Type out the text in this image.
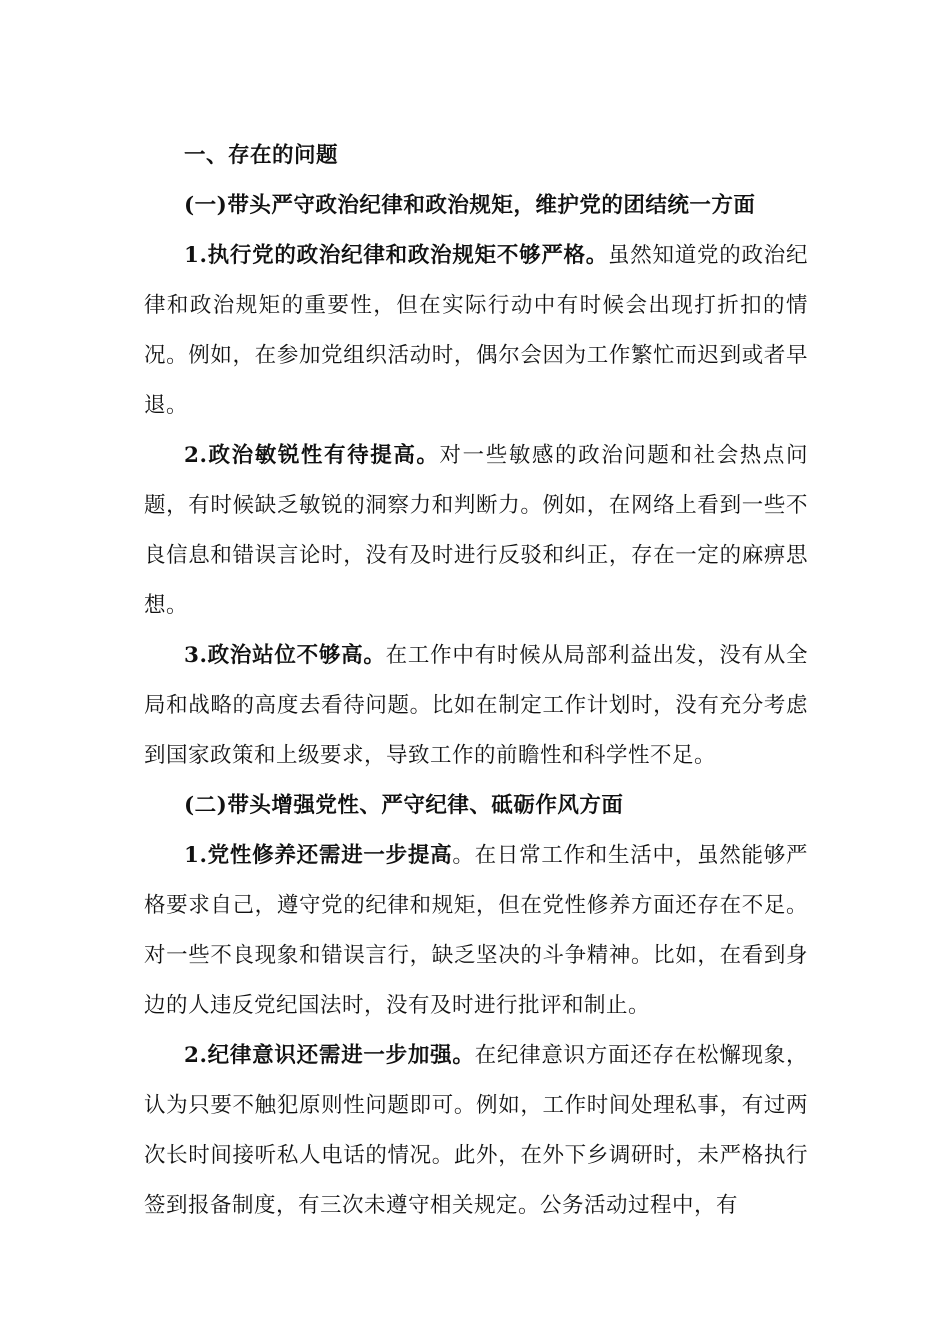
一、存在的问题

(一)带头严守政治纪律和政治规矩，维护党的团结统一方面

1.执行党的政治纪律和政治规矩不够严格。虽然知道党的政治纪律和政治规矩的重要性，但在实际行动中有时候会出现打折扣的情况。例如，在参加党组织活动时，偶尔会因为工作繁忙而迟到或者早退。

2.政治敏锐性有待提高。对一些敏感的政治问题和社会热点问题，有时候缺乏敏锐的洞察力和判断力。例如，在网络上看到一些不良信息和错误言论时，没有及时进行反驳和纠正，存在一定的麻痹思想。

3.政治站位不够高。在工作中有时候从局部利益出发，没有从全局和战略的高度去看待问题。比如在制定工作计划时，没有充分考虑到国家政策和上级要求，导致工作的前瞻性和科学性不足。

(二)带头增强党性、严守纪律、砥砺作风方面

1.党性修养还需进一步提高。在日常工作和生活中，虽然能够严格要求自己，遵守党的纪律和规矩，但在党性修养方面还存在不足。对一些不良现象和错误言行，缺乏坚决的斗争精神。比如，在看到身边的人违反党纪国法时，没有及时进行批评和制止。

2.纪律意识还需进一步加强。在纪律意识方面还存在松懈现象，认为只要不触犯原则性问题即可。例如，工作时间处理私事，有过两次长时间接听私人电话的情况。此外，在外下乡调研时，未严格执行签到报备制度，有三次未遵守相关规定。公务活动过程中，有
